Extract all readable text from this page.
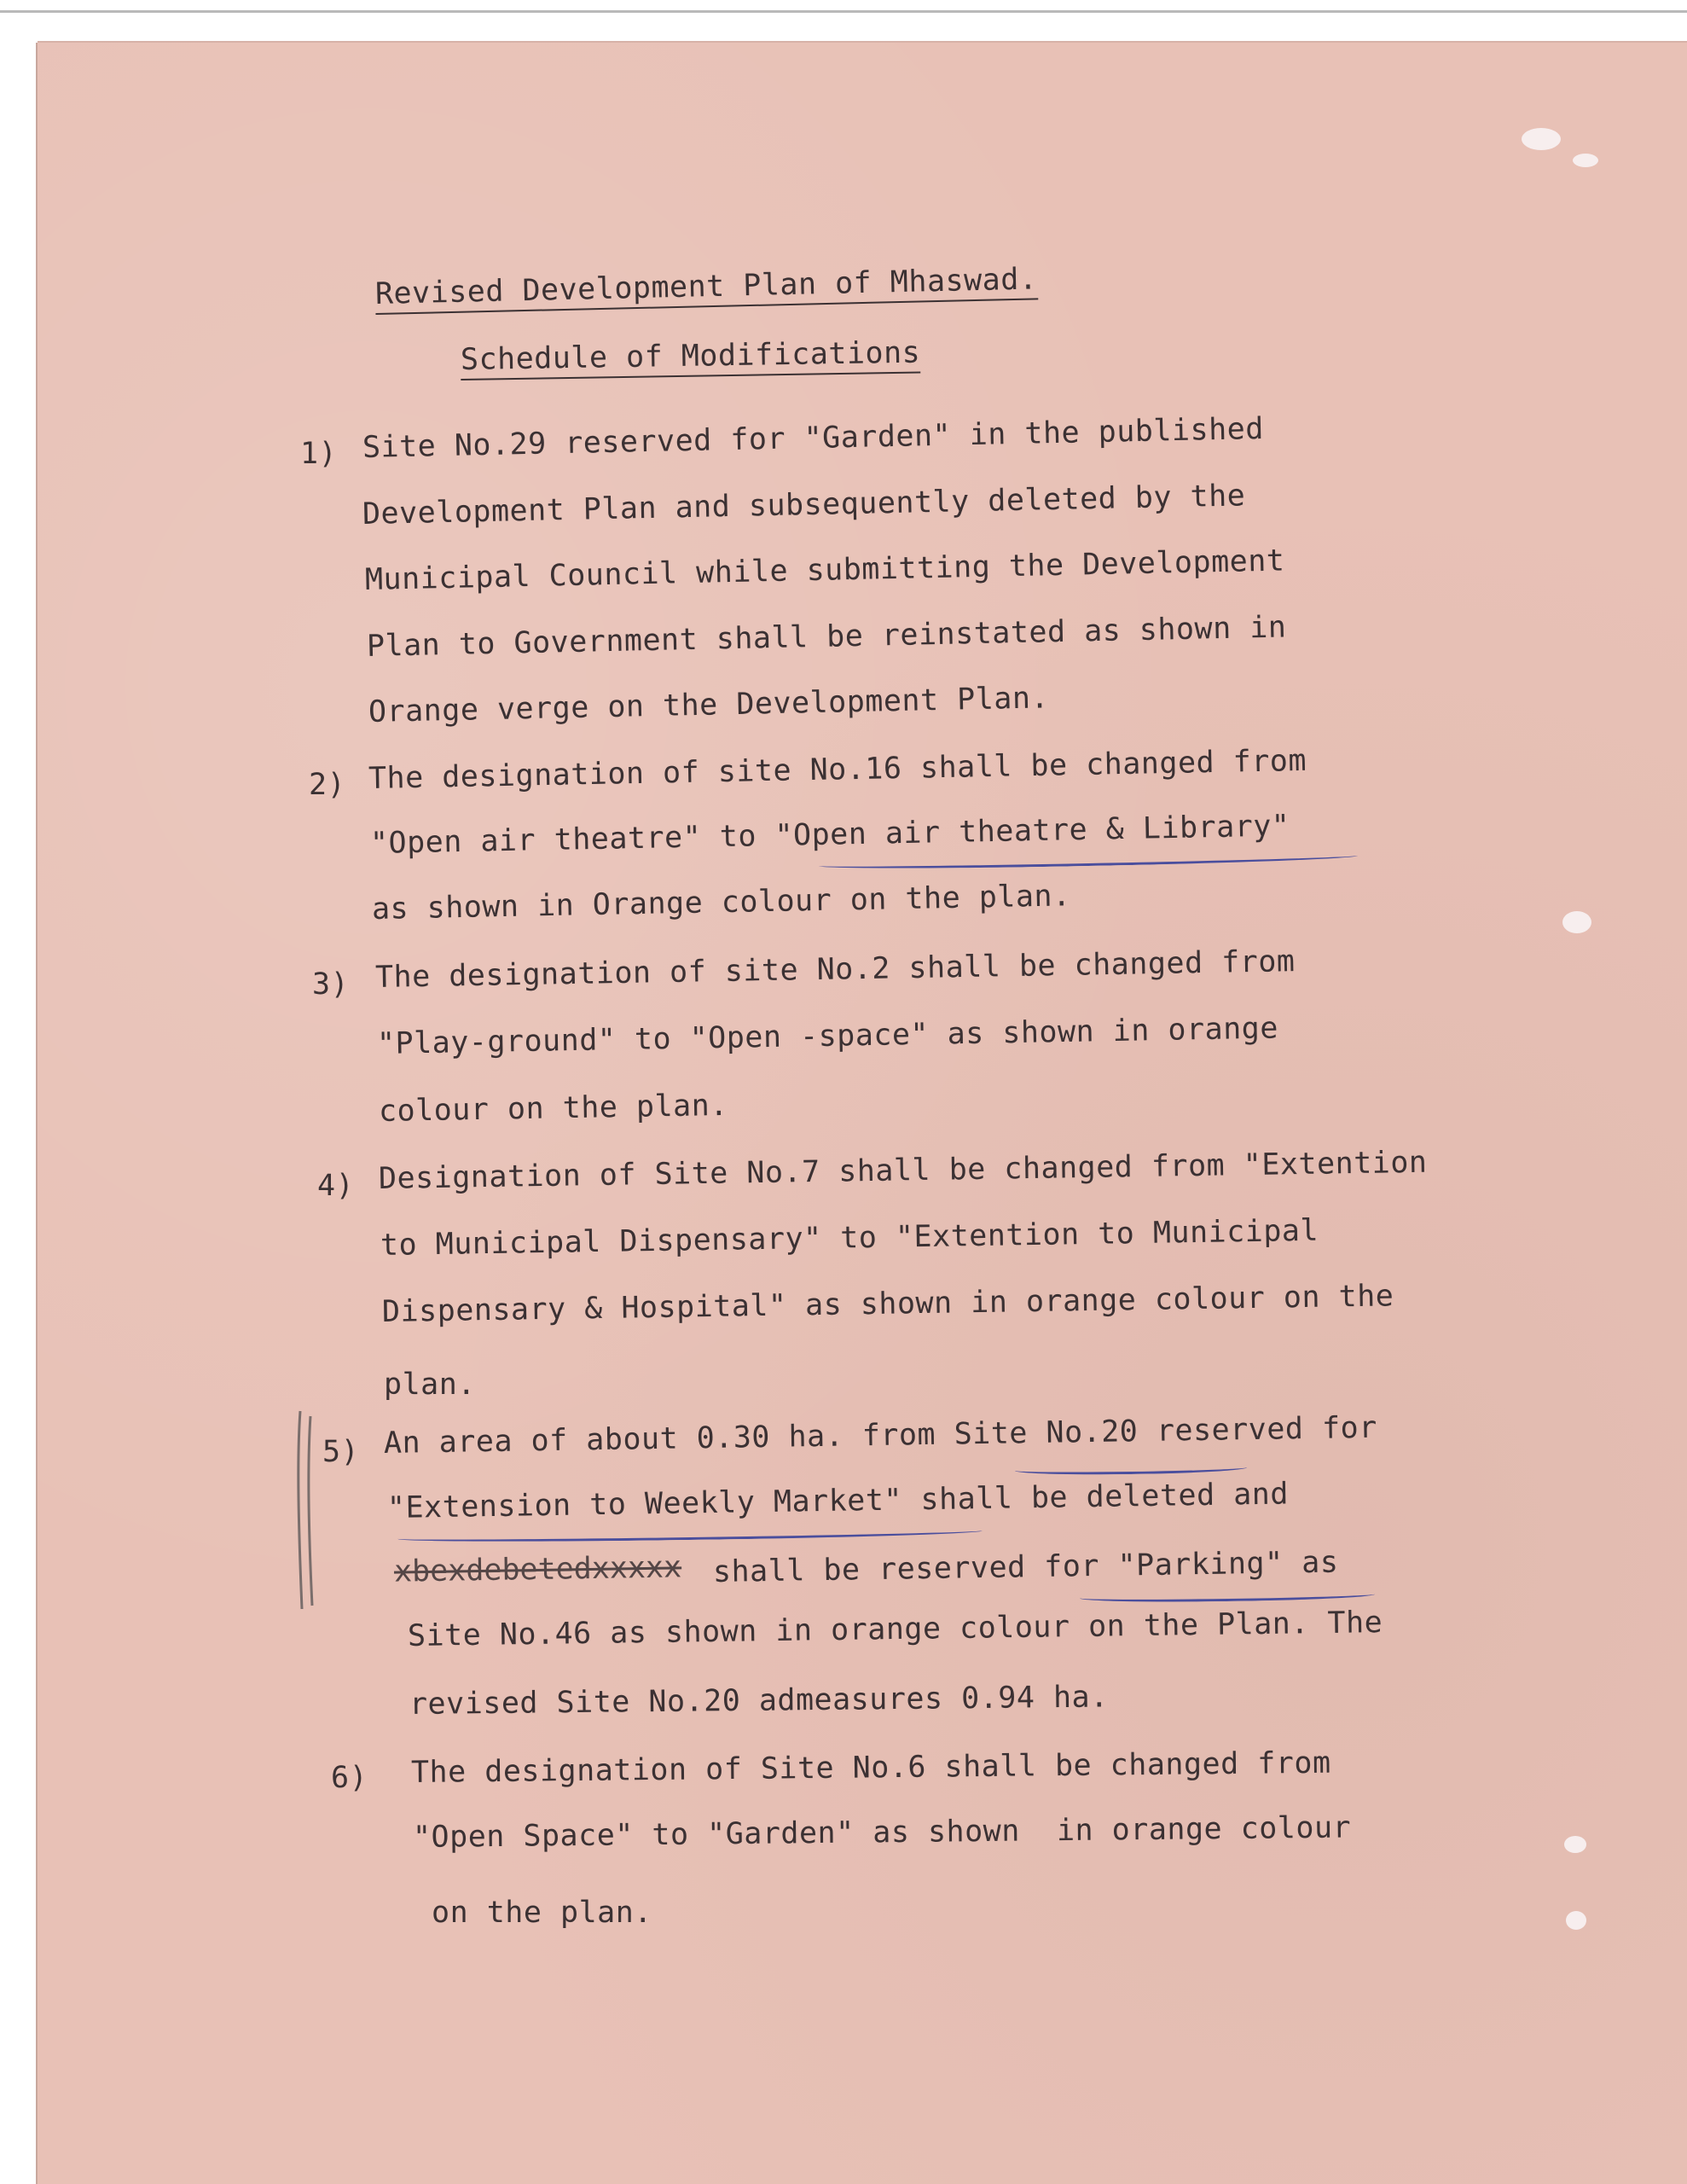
Revised Development Plan of Mhaswad.
Schedule of Modifications
1) Site No.29 reserved for "Garden" in the published
Development Plan and subsequently deleted by the
Municipal Council while submitting the Development
Plan to Government shall be reinstated as shown in
Orange verge on the Development Plan.
2) The designation of site No.16 shall be changed from
"Open air theatre" to "Open air theatre & Library"
as shown in Orange colour on the plan.
3) The designation of site No.2 shall be changed from
"Play-ground" to "Open -space" as shown in orange
colour on the plan.
4) Designation of Site No.7 shall be changed from "Extention
to Municipal Dispensary" to "Extention to Municipal
Dispensary & Hospital" as shown in orange colour on the
plan.
5) An area of about 0.30 ha. from Site No.20 reserved for
"Extension to Weekly Market" shall be deleted and
xbexdebetedxxxxx	shall be reserved for "Parking" as
Site No.46 as shown in orange colour on the Plan. The
revised Site No.20 admeasures 0.94 ha.
6) The designation of Site No.6 shall be changed from
"Open Space" to "Garden" as shown  in orange colour
on the plan.
